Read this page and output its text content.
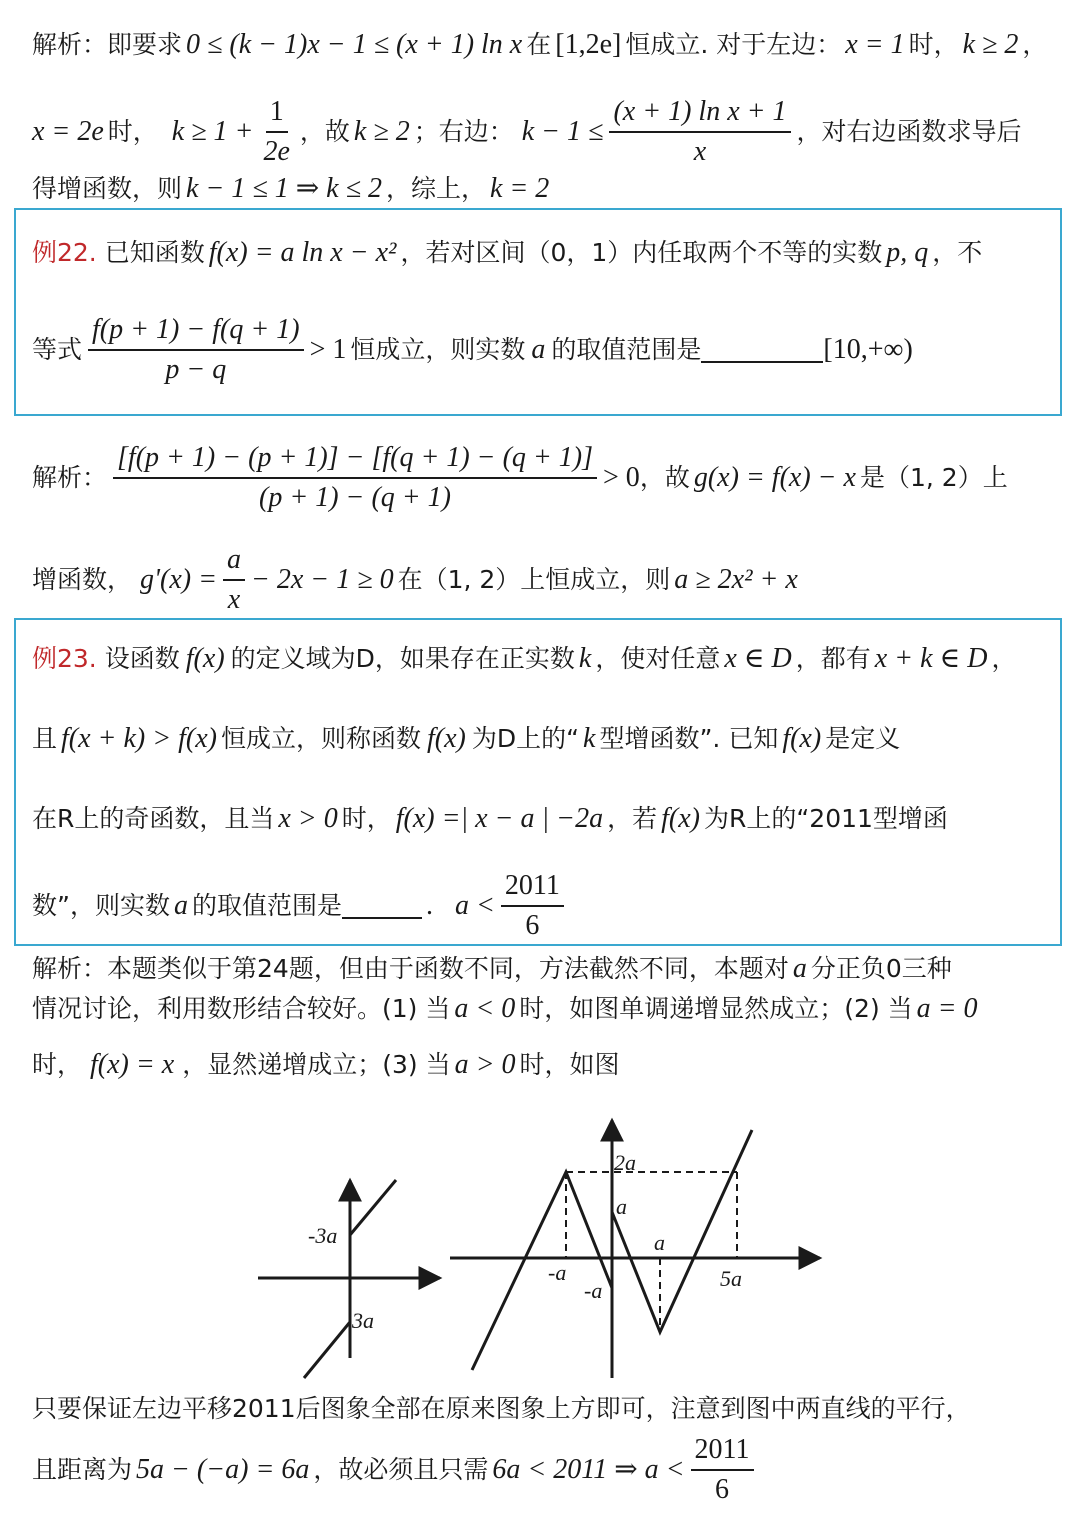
解析： 即要求 0 ≤ (k − 1)x − 1 ≤ (x + 1) ln x 在 [1,2e] 恒成立. 对于左边： x = 1 时， k ≥ 2 ，
x = 2e 时， $k \ge 1 + \frac{1}{2e}$ ，故 k ≥ 2 ；右边： $k - 1 \le \frac{\text{(x + 1) ln x + 1}}{x}$ ，对右边函数求导后
得增函数，则 k − 1 ≤ 1 ⇒ k ≤ 2 ，综上， k = 2
例22. 已知函数 f(x) = a ln x − x² ，若对区间（0，1）内任取两个不等的实数 p, q ，不
等式 $\frac{f(p + 1) - f(q + 1)}{p - q} > 1$ 恒成立，则实数 a 的取值范围是	[10,+∞)
解析： $\frac{[f(p + 1) - (p + 1)] - [f(q + 1) - (q + 1)]}{(p + 1) - (q + 1)} > 0$ ，故 g(x) = f(x) − x 是（1, 2）上
增函数， $g'(x) = \frac{a}{x} - 2x - 1 \ge 0$ 在（1, 2）上恒成立，则 a ≥ 2x² + x
例23. 设函数 f(x) 的定义域为D，如果存在正实数 k ，使对任意 x ∈ D ，都有 x + k ∈ D ，
且 f(x + k) > f(x) 恒成立，则称函数 f(x) 为D上的“ k 型增函数”. 已知 f(x) 是定义
在R上的奇函数，且当 x > 0 时， f(x) =| x − a | −2a ，若 f(x) 为R上的“2011型增函
数”，则实数 a 的取值范围是	. $a < \frac{2011}{6}$
解析： 本题类似于第24题，但由于函数不同，方法截然不同，本题对 a 分正负0三种
情况讨论，利用数形结合较好。(1) 当 a < 0 时，如图单调递增显然成立；(2) 当 a = 0
时， f(x) = x ，显然递增成立；(3) 当 a > 0 时，如图
-3a
3a
2a
a
a
-a
-a	5a
只要保证左边平移2011后图象全部在原来图象上方即可，注意到图中两直线的平行，
且距离为 5a − (−a) = 6a ，故必须且只需 6a < 2011 ⇒ $a < \frac{2011}{6}$
